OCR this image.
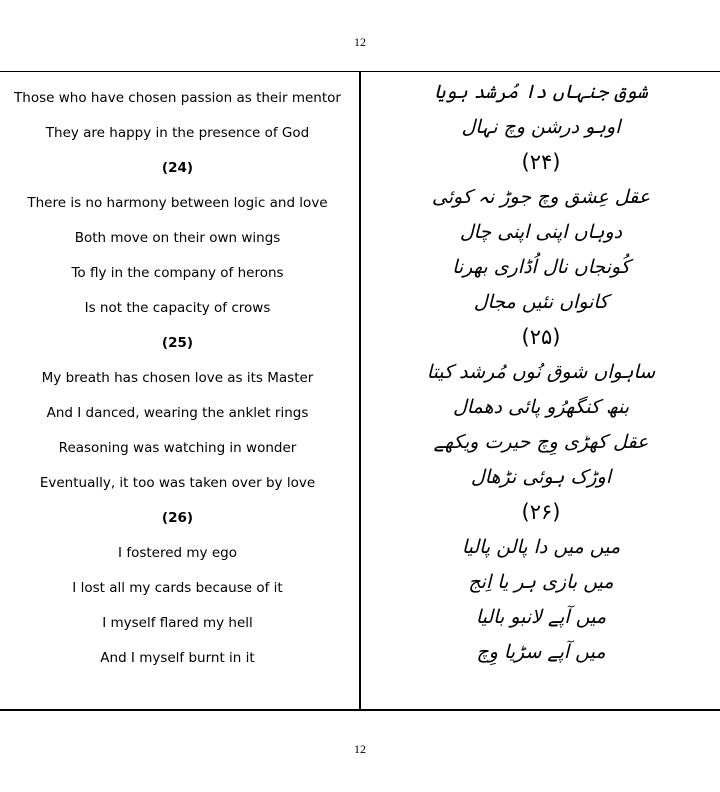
12
Those who have chosen passion as their mentor
They are happy in the presence of God
(24)
There is no harmony between logic and love
Both move on their own wings
To fly in the company of herons
Is not the capacity of crows
(25)
My breath has chosen love as its Master
And I danced, wearing the anklet rings
Reasoning was watching in wonder
Eventually, it too was taken over by love
(26)
I fostered my ego
I lost all my cards because of it
I myself flared my hell
And I myself burnt in it
شوق جنہاں دا مُرشد ہویا
اوہو درشن وچ نہال
(۲۴)
عقل عِشق وچ جوڑ نہ کوئی
دوہاں اپنی اپنی چال
کُونجاں نال اُڈاری بھرنا
کانواں نئیں مجال
(۲۵)
ساہواں شوق نُوں مُرشد کیتا
بنھ کنگھرُو پائی دھمال
عقل کھڑی وِچ حیرت ویکھے
اوڑک ہوئی نڑھال
(۲۶)
میں میں دا پالن پالیا
میں بازی ہر یا اِنج
میں آپے لانبو بالیا
میں آپے سڑیا وِچ
12
